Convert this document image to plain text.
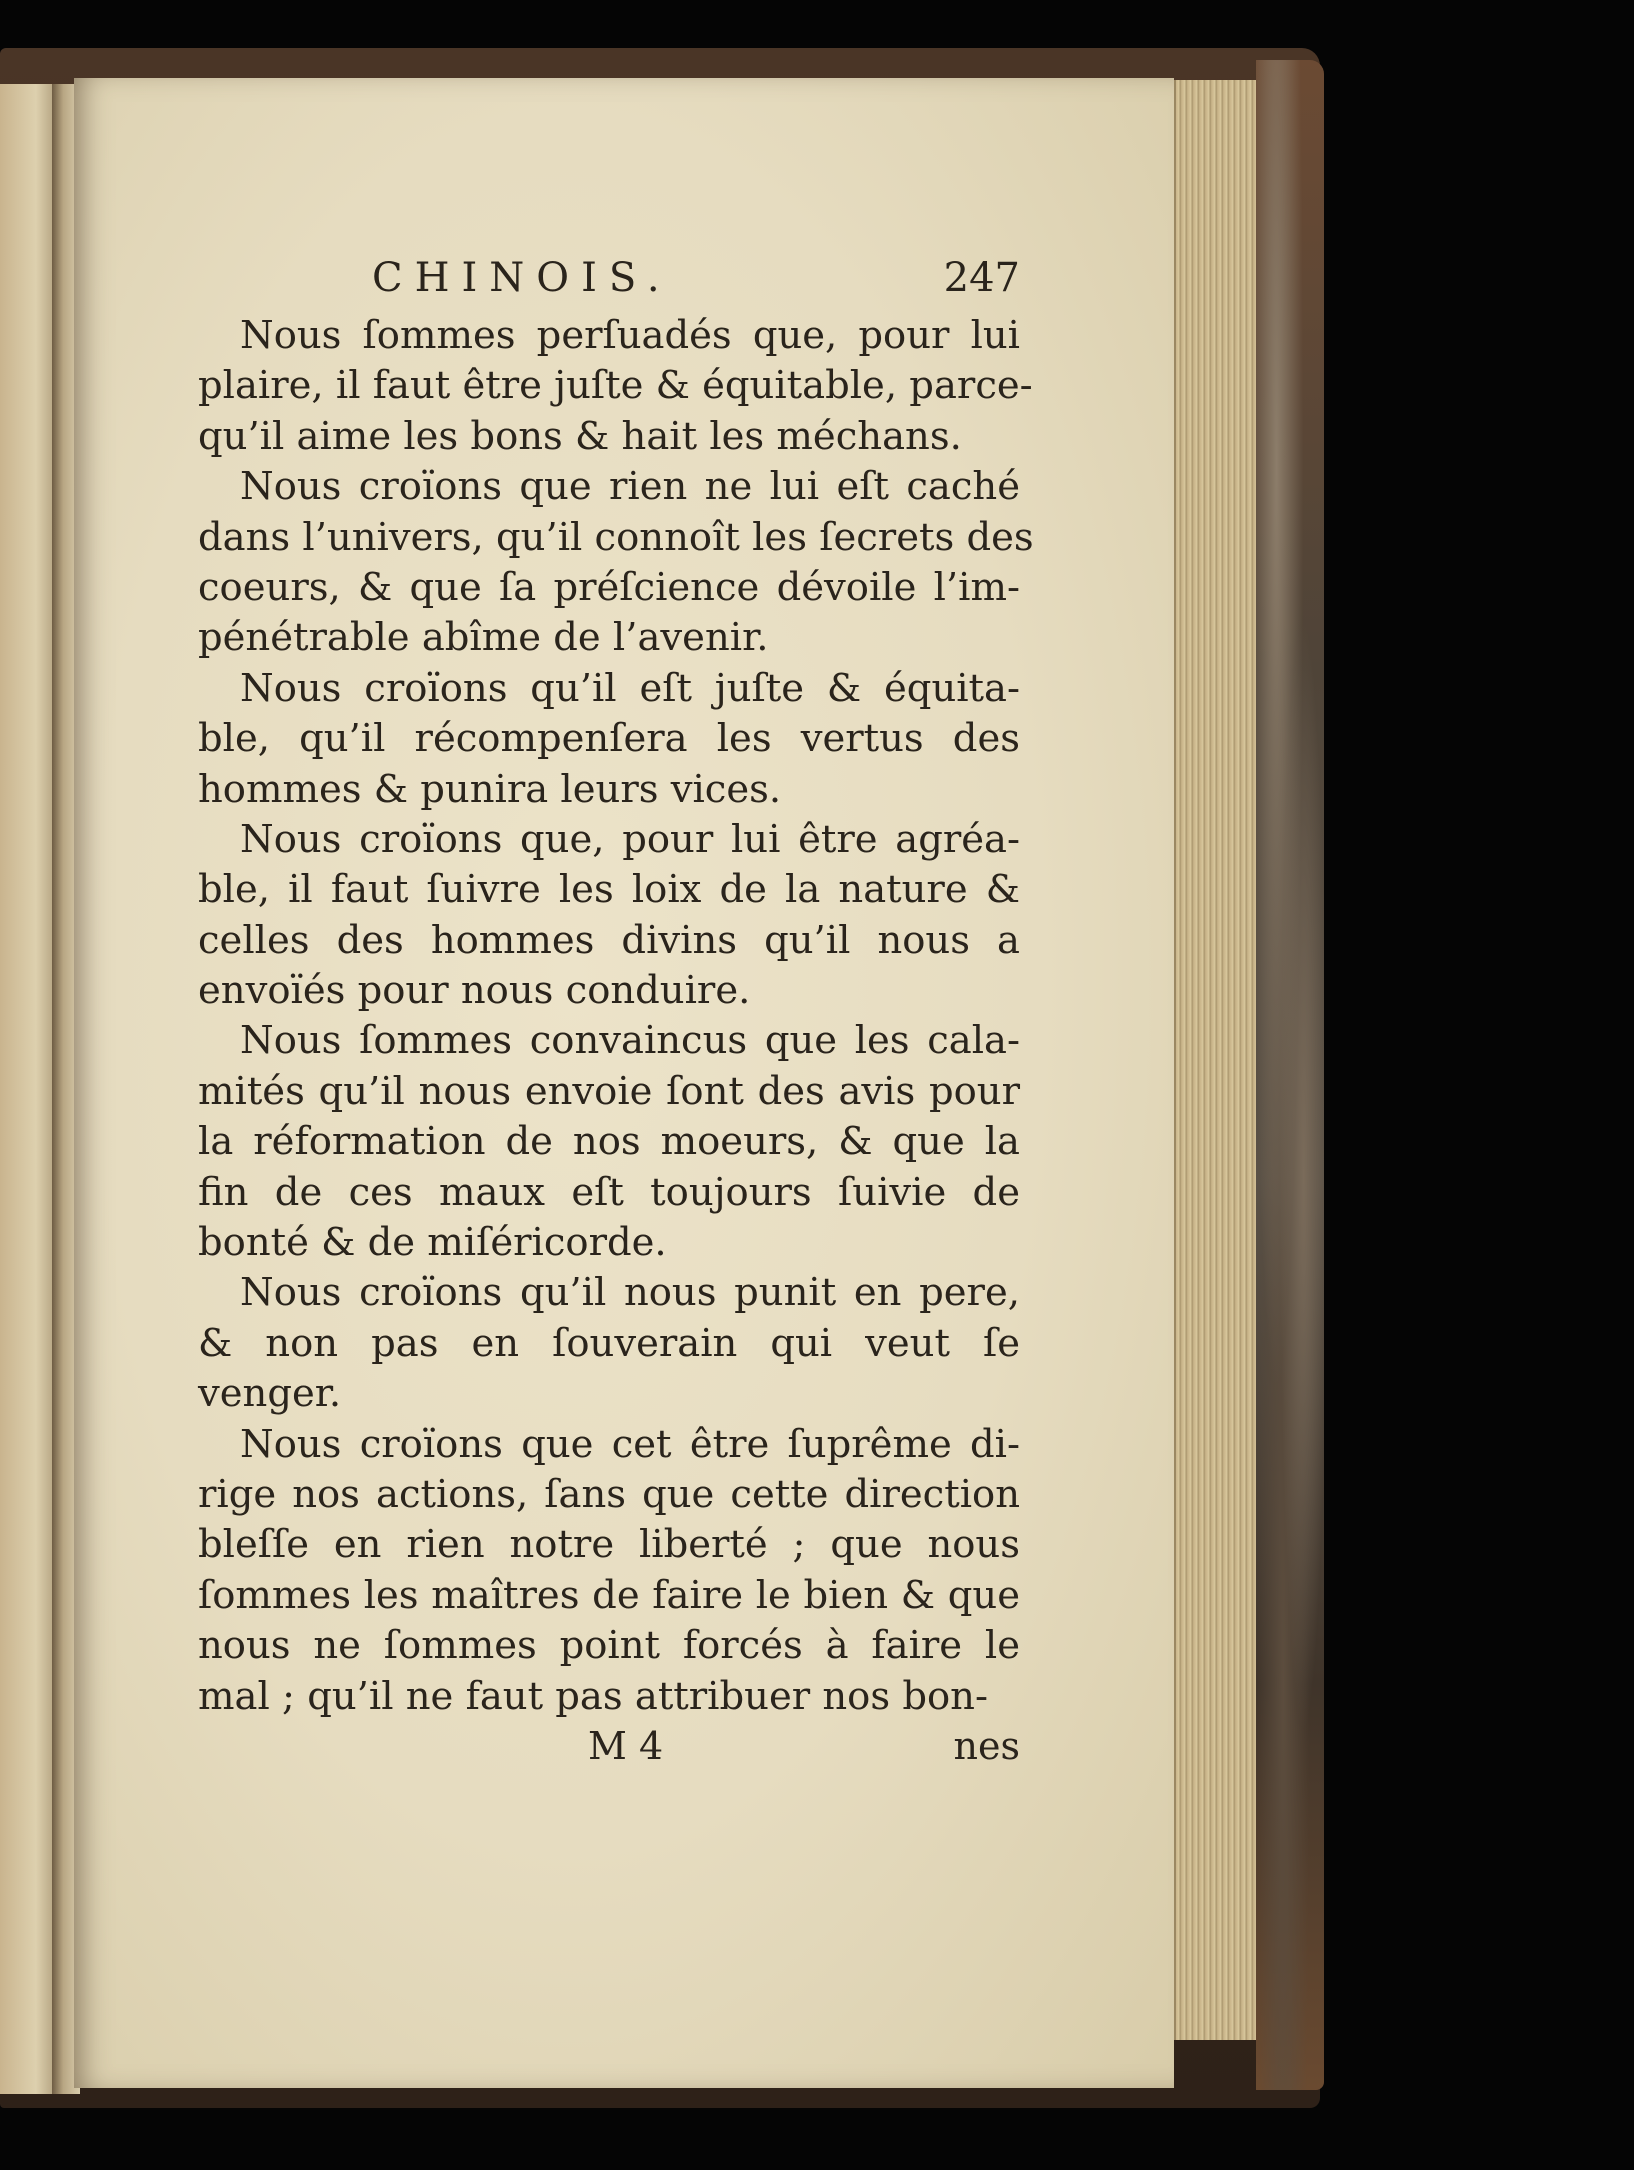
CHINOIS.	247

Nous ſommes perſuadés que, pour lui
plaire, il faut être juſte & équitable, parce-
qu’il aime les bons & hait les méchans.

Nous croïons que rien ne lui eſt caché
dans l’univers, qu’il connoît les ſecrets des
coeurs, & que ſa préſcience dévoile l’im-
pénétrable abîme de l’avenir.

Nous croïons qu’il eſt juſte & équita-
ble, qu’il récompenſera les vertus des
hommes & punira leurs vices.

Nous croïons que, pour lui être agréa-
ble, il faut ſuivre les loix de la nature &
celles des hommes divins qu’il nous a
envoïés pour nous conduire.

Nous ſommes convaincus que les cala-
mités qu’il nous envoie ſont des avis pour
la réformation de nos moeurs, & que la
fin de ces maux eſt toujours ſuivie de
bonté & de miſéricorde.

Nous croïons qu’il nous punit en pere,
& non pas en ſouverain qui veut ſe
venger.

Nous croïons que cet être ſuprême di-
rige nos actions, ſans que cette direction
bleſſe en rien notre liberté ; que nous
ſommes les maîtres de faire le bien & que
nous ne ſommes point forcés à faire le
mal ; qu’il ne faut pas attribuer nos bon-

M 4	nes
